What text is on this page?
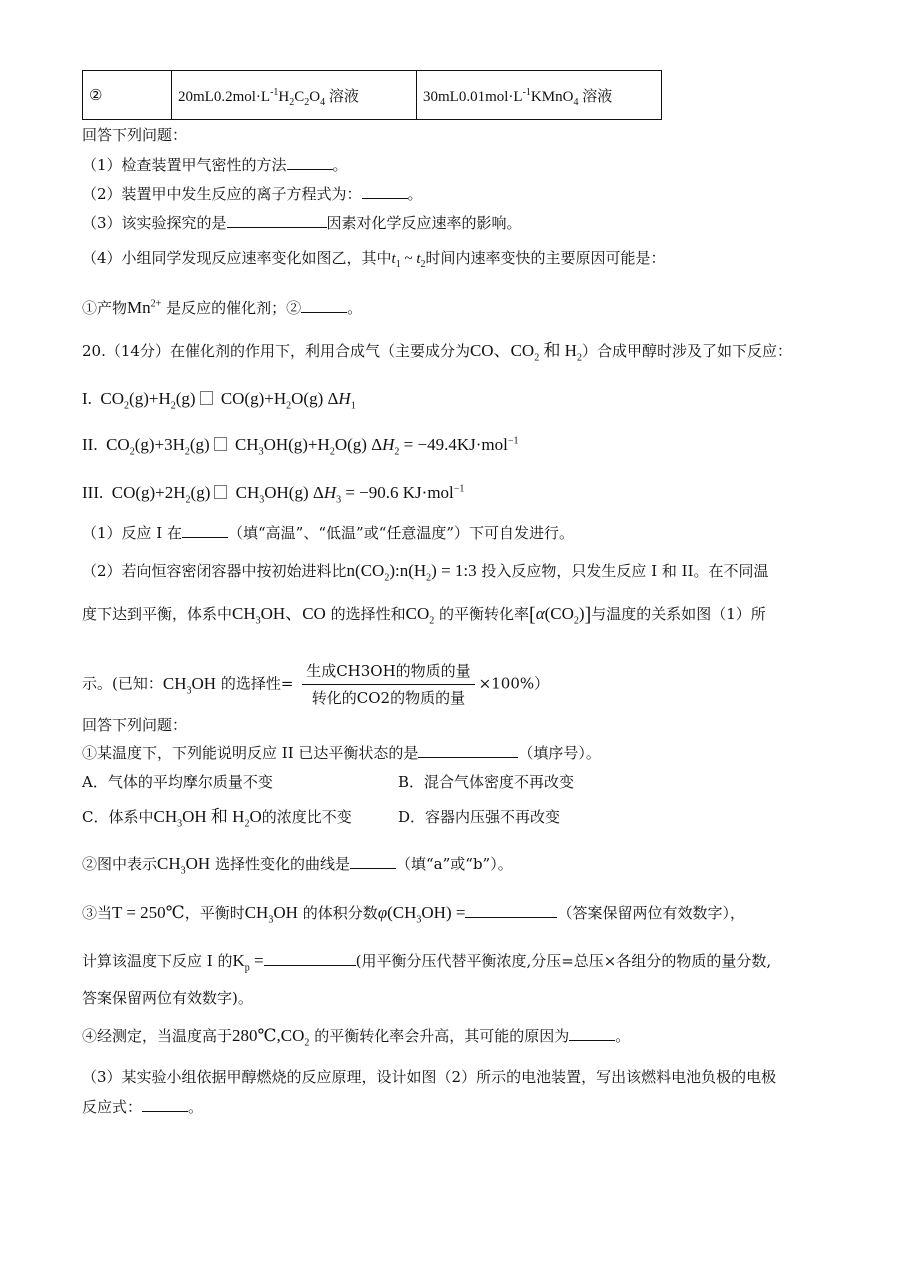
②	$20mL0.2mol\cdot L^{-1}H_2C_2O_4$ 溶液	$30mL0.01mol\cdot L^{-1}KMnO_4$ 溶液
回答下列问题：
（1）检查装置甲气密性的方法	。
（2）装置甲中发生反应的离子方程式为：	。
（3）该实验探究的是	因素对化学反应速率的影响。
（4）小组同学发现反应速率变化如图乙，其中$t_1$ ~ $t_2$时间内速率变快的主要原因可能是：
①产物$Mn^{2+}$ 是反应的催化剂；②	。
20.（14分）在催化剂的作用下，利用合成气（主要成分为CO、$CO_2$ 和 $H_2$）合成甲醇时涉及了如下反应：
I.  $CO_2(g)+H_2(g)$ $CO(g)+H_2O(g)$ $\Delta H_1$
II.  $CO_2(g)+3H_2(g)$ $CH_3OH(g)+H_2O(g) \Delta H_2 = -49.4KJ\cdot mol^{-1}$
III.  $CO(g)+2H_2(g)$ $CH_3OH(g) \Delta H_3 = -90.6$ KJ·mol$^{-1}$
（1）反应 I 在	（填“高温”、“低温”或“任意温度”）下可自发进行。
（2）若向恒容密闭容器中按初始进料比$n(CO_2):n(H_2)$ = 1:3 投入反应物，只发生反应 I 和 II。在不同温
度下达到平衡，体系中$CH_3OH$、CO 的选择性和$CO_2$ 的平衡转化率$[\alpha(CO_2)]$与温度的关系如图（1）所
示。(已知：$CH_3OH$ 的选择性= $\frac{\text{生成CH3OH的物质的量}}{\text{转化的CO2的物质的量}} \times 100\%$）
回答下列问题：
①某温度下，下列能说明反应 II 已达平衡状态的是	（填序号）。
A．气体的平均摩尔质量不变	B．混合气体密度不再改变
C．体系中$CH_3OH$ 和 $H_2O$的浓度比不变	D．容器内压强不再改变
②图中表示$CH_3OH$ 选择性变化的曲线是	（填“a”或“b”）。
③当T = 250℃，平衡时$CH_3OH$ 的体积分数$\varphi(CH_3OH)$ =	（答案保留两位有效数字），
计算该温度下反应 I 的$K_p$ =	(用平衡分压代替平衡浓度,分压=总压×各组分的物质的量分数,
答案保留两位有效数字)。
④经测定，当温度高于$280℃,CO_2$ 的平衡转化率会升高，其可能的原因为	。
（3）某实验小组依据甲醇燃烧的反应原理，设计如图（2）所示的电池装置，写出该燃料电池负极的电极
反应式：	。
